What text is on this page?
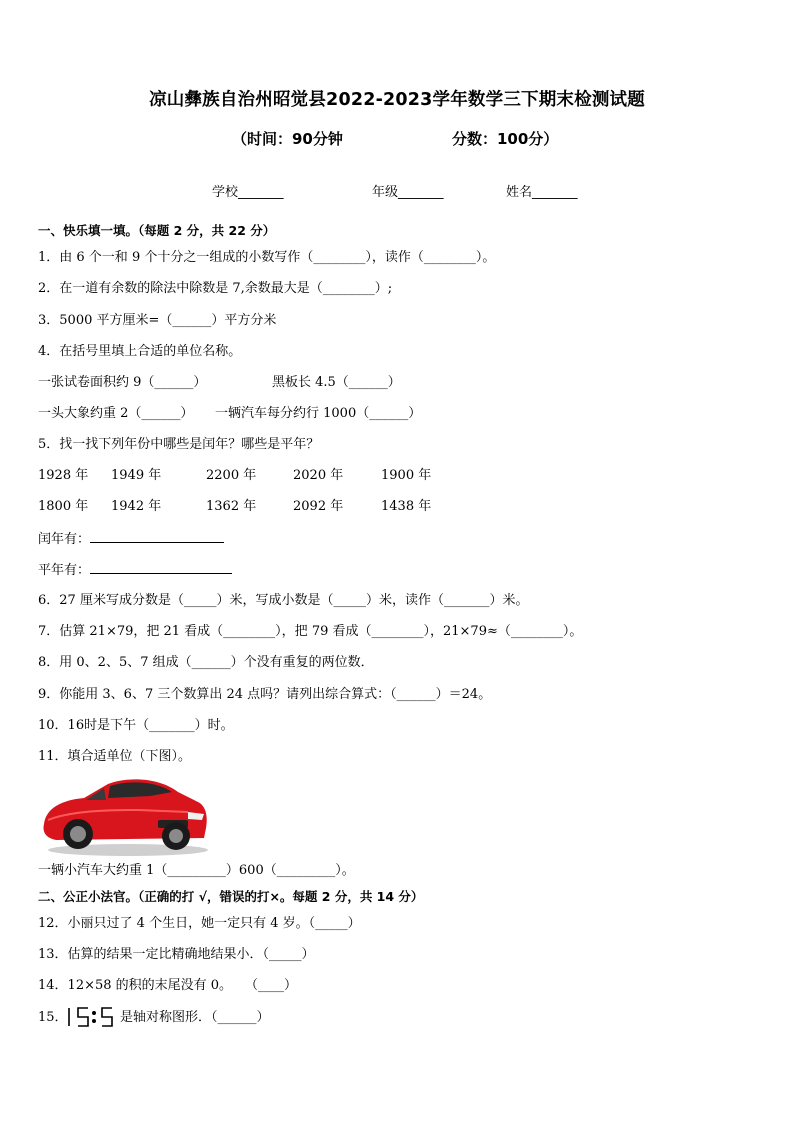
凉山彝族自治州昭觉县2022-2023学年数学三下期末检测试题
（时间：90分钟	分数：100分）
学校_______	年级_______	姓名_______
一、快乐填一填。（每题 2 分，共 22 分）
1．由 6 个一和 9 个十分之一组成的小数写作（________），读作（________）。
2．在一道有余数的除法中除数是 7,余数最大是（________）;
3．5000 平方厘米=（______）平方分米
4．在括号里填上合适的单位名称。
一张试卷面积约 9（______）	黑板长 4.5（______）
一头大象约重 2（______） 一辆汽车每分约行 1000（______）
5．找一找下列年份中哪些是闰年？哪些是平年？
1928 年 1949 年	2200 年	2020 年	1900 年
1800 年 1942 年	1362 年	2092 年	1438 年
闰年有：
平年有：
6．27 厘米写成分数是（_____）米，写成小数是（_____）米，读作（_______）米。
7．估算 21×79，把 21 看成（________），把 79 看成（________），21×79≈（________）。
8．用 0、2、5、7 组成（______）个没有重复的两位数．
9．你能用 3、6、7 三个数算出 24 点吗？请列出综合算式：（______）＝24。
10．16时是下午（_______）时。
11．填合适单位（下图）。
一辆小汽车大约重 1（_________）600（_________）。
二、公正小法官。（正确的打 √，错误的打×。每题 2 分，共 14 分）
12．小丽只过了 4 个生日，她一定只有 4 岁。（_____）
13．估算的结果一定比精确地结果小．（_____）
14．12×58 的积的末尾没有 0。　　（____）
15．	是轴对称图形．（______）
